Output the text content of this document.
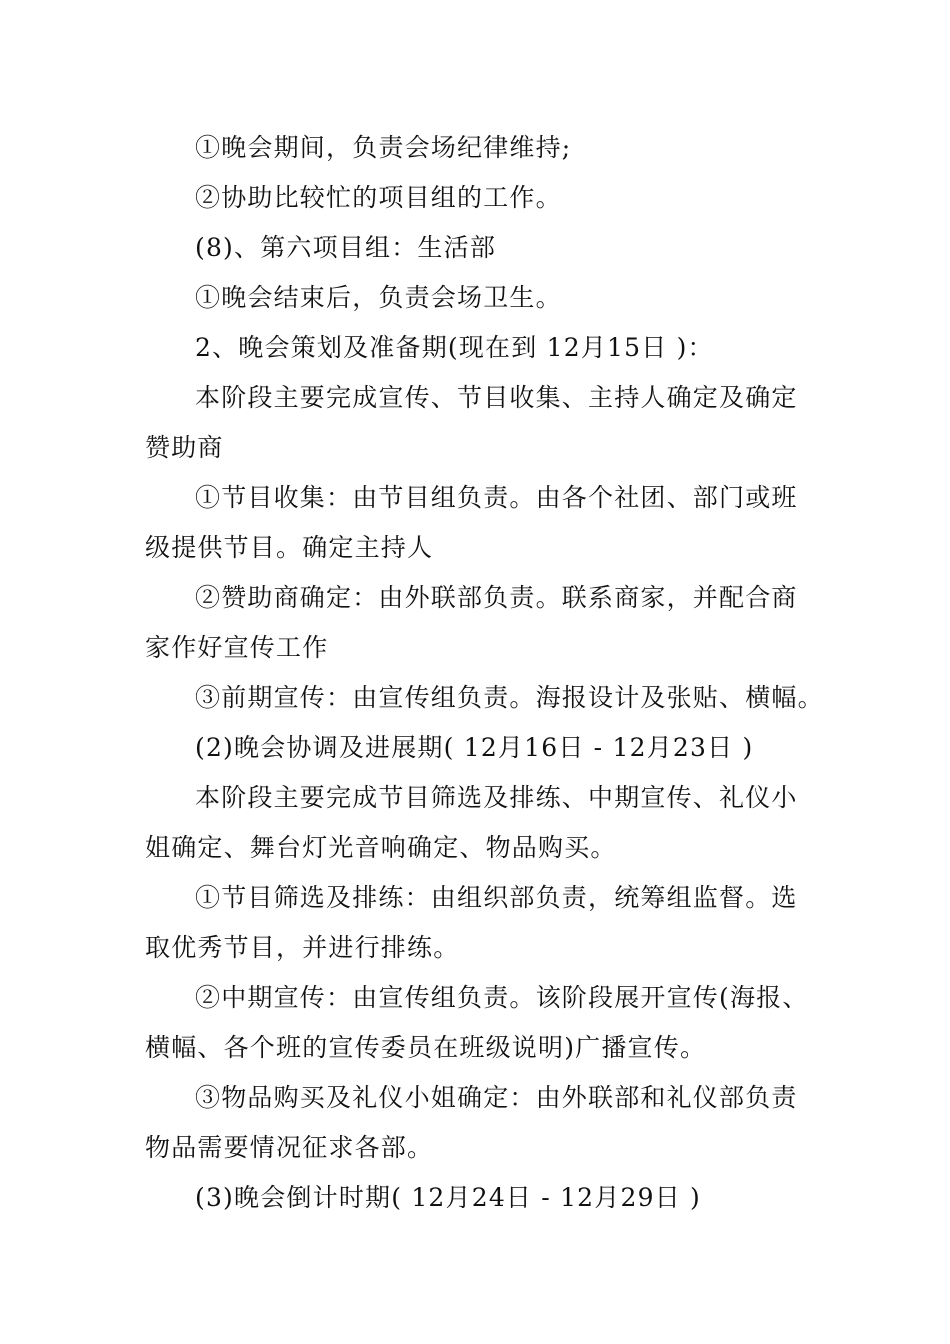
①晚会期间，负责会场纪律维持;
②协助比较忙的项目组的工作。
(8)、第六项目组：生活部
①晚会结束后，负责会场卫生。
2、晚会策划及准备期(现在到 12月15日 )：
本阶段主要完成宣传、节目收集、主持人确定及确定
赞助商
①节目收集：由节目组负责。由各个社团、部门或班
级提供节目。确定主持人
②赞助商确定：由外联部负责。联系商家，并配合商
家作好宣传工作
③前期宣传：由宣传组负责。海报设计及张贴、横幅。
(2)晚会协调及进展期( 12月16日 - 12月23日 )
本阶段主要完成节目筛选及排练、中期宣传、礼仪小
姐确定、舞台灯光音响确定、物品购买。
①节目筛选及排练：由组织部负责，统筹组监督。选
取优秀节目，并进行排练。
②中期宣传：由宣传组负责。该阶段展开宣传(海报、
横幅、各个班的宣传委员在班级说明)广播宣传。
③物品购买及礼仪小姐确定：由外联部和礼仪部负责
物品需要情况征求各部。
(3)晚会倒计时期( 12月24日 - 12月29日 )
